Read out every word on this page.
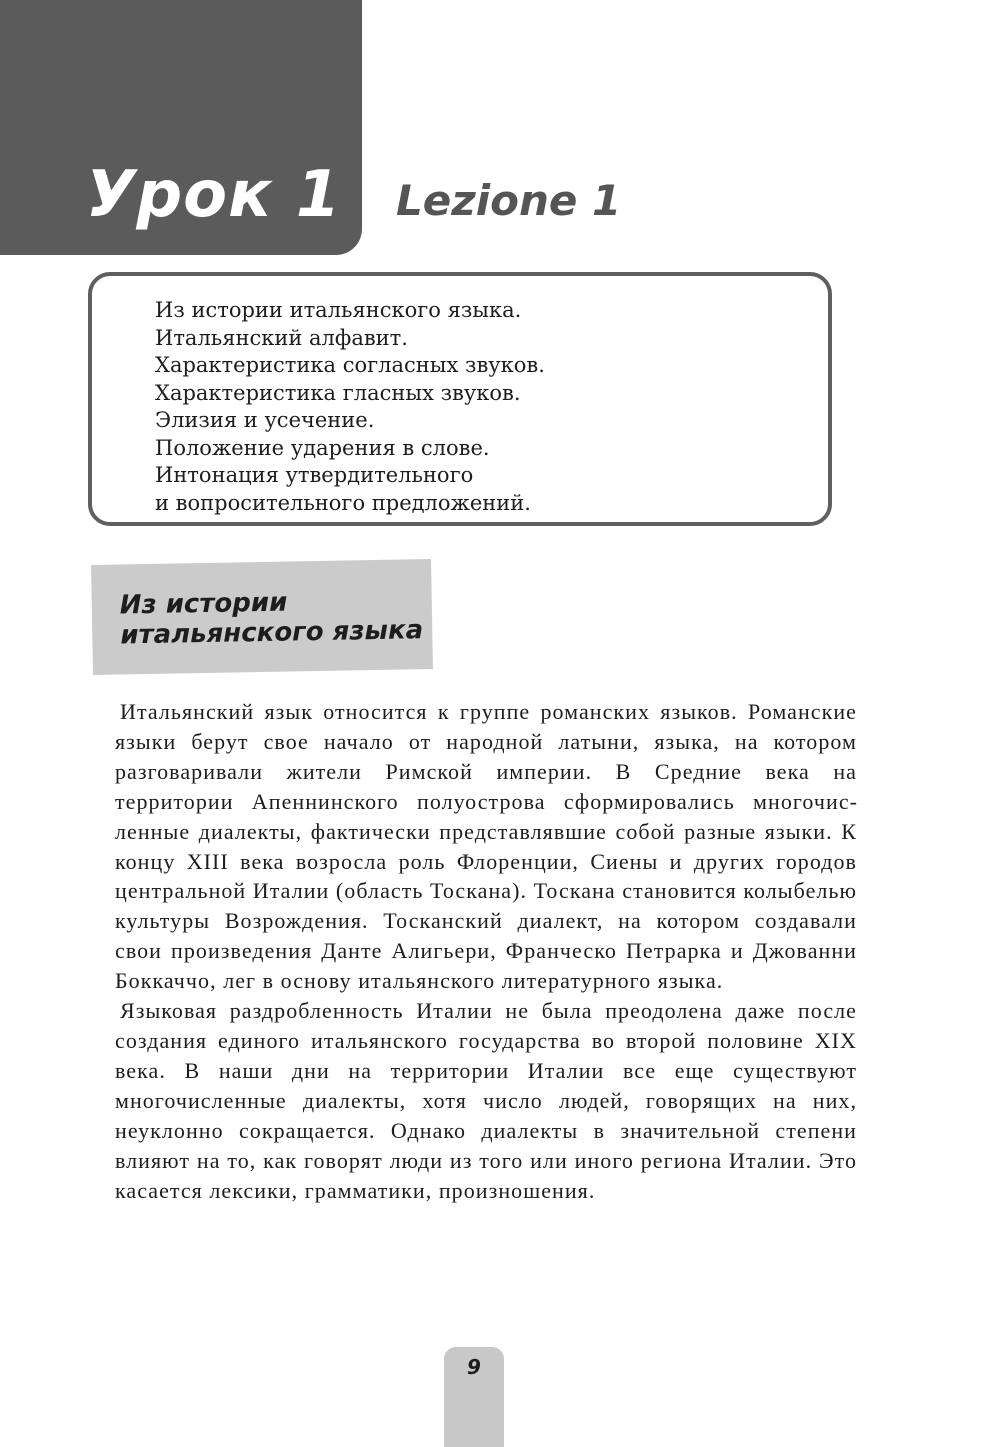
Урок 1 Lezione 1
Из истории итальянского языка.
Итальянский алфавит.
Характеристика согласных звуков.
Характеристика гласных звуков.
Элизия и усечение.
Положение ударения в слове.
Интонация утвердительного
и вопросительного предложений.
Из истории
итальянского языка

Итальянский язык относится к группе романских языков. Романские языки берут свое начало от народной латыни, языка, на котором разговаривали жители Римской империи. В Средние века на территории Апеннинского полуострова сформировались многочисленные диалекты, фактически представлявшие собой разные языки. К концу XIII века возросла роль Флоренции, Сиены и других городов центральной Италии (область Тоскана). Тоскана становится колыбелью культуры Возрождения. Тосканский диалект, на котором создавали свои произведения Данте Алигьери, Франческо Петрарка и Джованни Боккаччо, лег в основу итальянского литературного языка.

Языковая раздробленность Италии не была преодолена даже после создания единого итальянского государства во второй половине XIX века. В наши дни на территории Италии все еще существуют многочисленные диалекты, хотя число людей, говорящих на них, неуклонно сокращается. Однако диалекты в значительной степени влияют на то, как говорят люди из того или иного региона Италии. Это касается лексики, грамматики, произношения.

9
